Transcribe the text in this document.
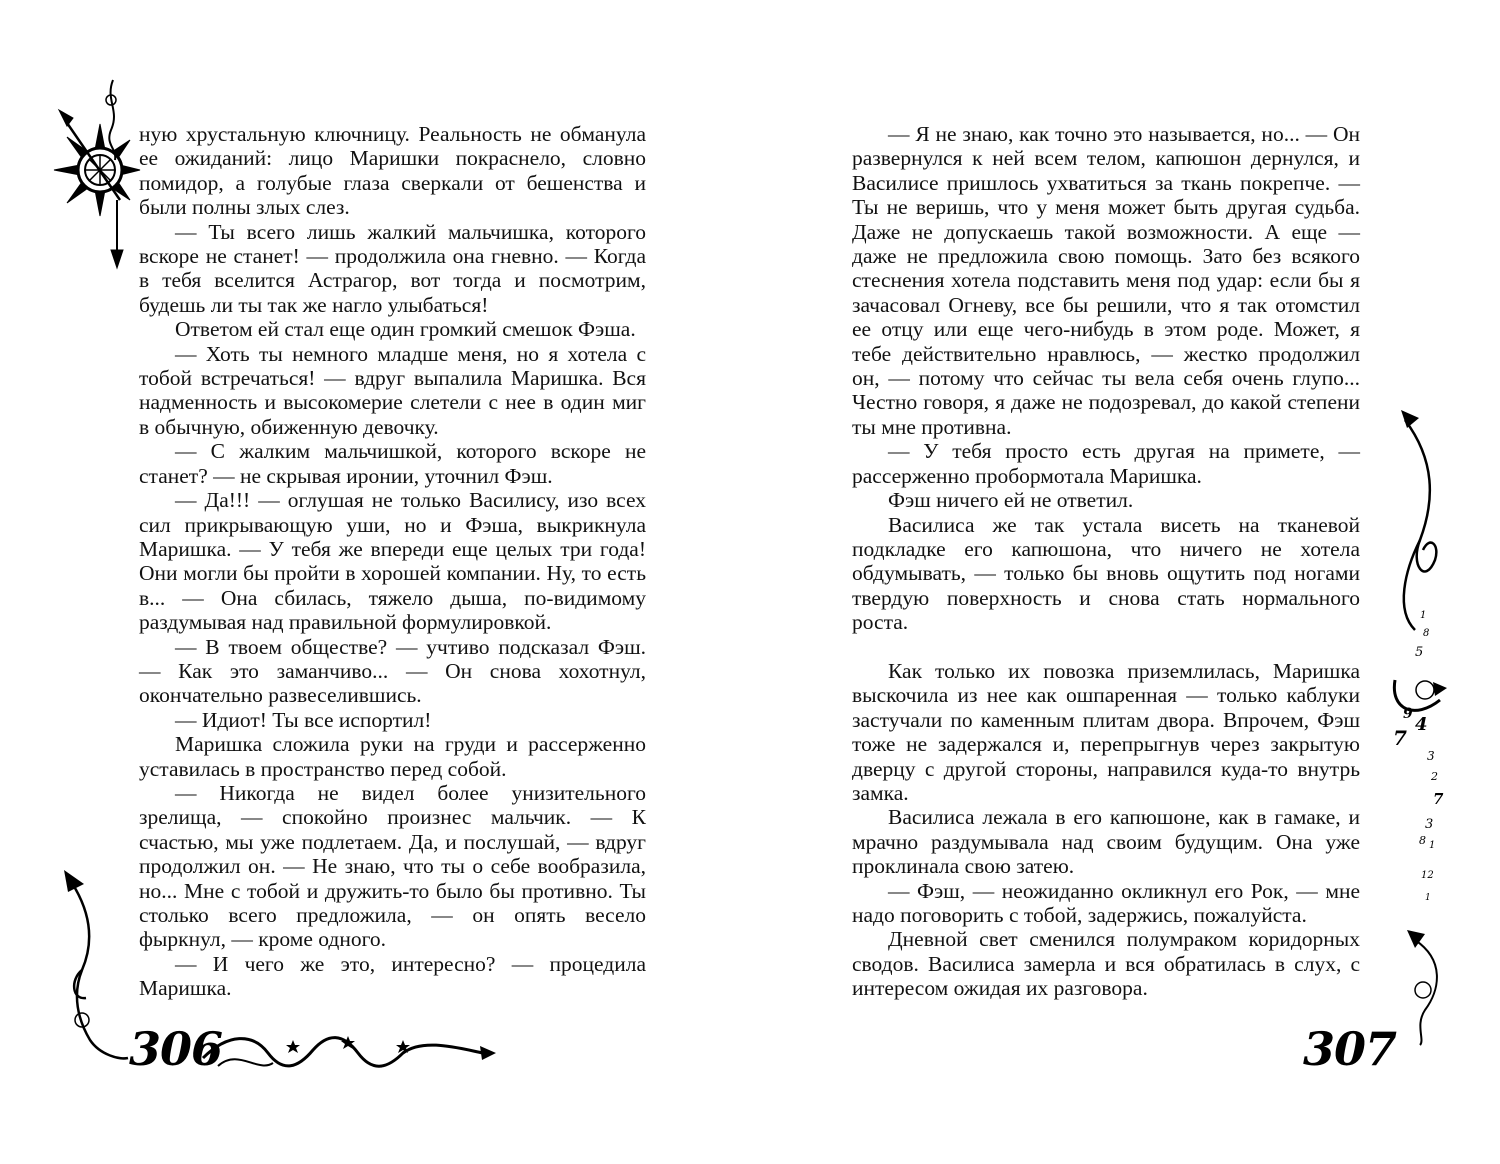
ную хрустальную ключницу. Реальность не обманула ее ожиданий: лицо Маришки покраснело, словно помидор, а голубые глаза сверкали от бешенства и были полны злых слез.

— Ты всего лишь жалкий мальчишка, которого вскоре не станет! — продолжила она гневно. — Когда в тебя вселится Астрагор, вот тогда и посмотрим, будешь ли ты так же нагло улыбаться!

Ответом ей стал еще один громкий смешок Фэша.

— Хоть ты немного младше меня, но я хотела с тобой встречаться! — вдруг выпалила Маришка. Вся надменность и высокомерие слетели с нее в один миг в обычную, обиженную девочку.

— С жалким мальчишкой, которого вскоре не станет? — не скрывая иронии, уточнил Фэш.

— Да!!! — оглушая не только Василису, изо всех сил прикрывающую уши, но и Фэша, выкрикнула Маришка. — У тебя же впереди еще целых три года! Они могли бы пройти в хорошей компании. Ну, то есть в... — Она сбилась, тяжело дыша, по-видимому раздумывая над правильной формулировкой.

— В твоем обществе? — учтиво подсказал Фэш. — Как это заманчиво... — Он снова хохотнул, окончательно развеселившись.

— Идиот! Ты все испортил!

Маришка сложила руки на груди и рассерженно уставилась в пространство перед собой.

— Никогда не видел более унизительного зрелища, — спокойно произнес мальчик. — К счастью, мы уже подлетаем. Да, и послушай, — вдруг продолжил он. — Не знаю, что ты о себе вообразила, но... Мне с тобой и дружить-то было бы противно. Ты столько всего предложила, — он опять весело фыркнул, — кроме одного.

— И чего же это, интересно? — процедила Маришка.

306

— Я не знаю, как точно это называется, но... — Он развернулся к ней всем телом, капюшон дернулся, и Василисе пришлось ухватиться за ткань покрепче. — Ты не веришь, что у меня может быть другая судьба. Даже не допускаешь такой возможности. А еще — даже не предложила свою помощь. Зато без всякого стеснения хотела подставить меня под удар: если бы я зачасовал Огневу, все бы решили, что я так отомстил ее отцу или еще чего-нибудь в этом роде. Может, я тебе действительно нравлюсь, — жестко продолжил он, — потому что сейчас ты вела себя очень глупо... Честно говоря, я даже не подозревал, до какой степени ты мне противна.

— У тебя просто есть другая на примете, — рассерженно пробормотала Маришка.

Фэш ничего ей не ответил.

Василиса же так устала висеть на тканевой подкладке его капюшона, что ничего не хотела обдумывать, — только бы вновь ощутить под ногами твердую поверхность и снова стать нормального роста.

Как только их повозка приземлилась, Маришка выскочила из нее как ошпаренная — только каблуки застучали по каменным плитам двора. Впрочем, Фэш тоже не задержался и, перепрыгнув через закрытую дверцу с другой стороны, направился куда-то внутрь замка.

Василиса лежала в его капюшоне, как в гамаке, и мрачно раздумывала над своим будущим. Она уже проклинала свою затею.

— Фэш, — неожиданно окликнул его Рок, — мне надо поговорить с тобой, задержись, пожалуйста.

Дневной свет сменился полумраком коридорных сводов. Василиса замерла и вся обратилась в слух, с интересом ожидая их разговора.

1
8
5
9 4
7
3
2
7
3
8 1
12
1
307
